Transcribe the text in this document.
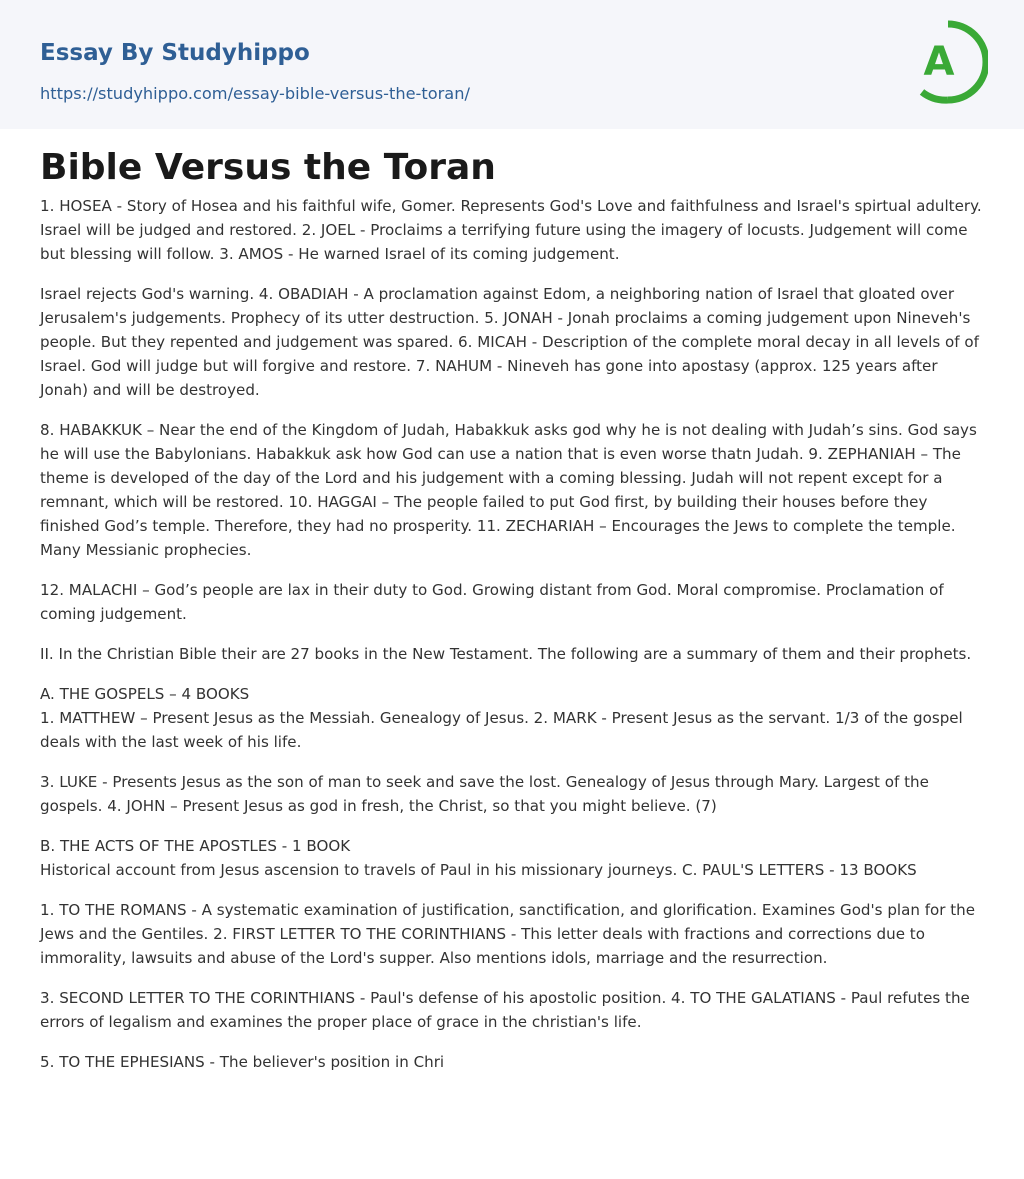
Essay By Studyhippo
https://studyhippo.com/essay-bible-versus-the-toran/
A
Bible Versus the Toran

1. HOSEA - Story of Hosea and his faithful wife, Gomer. Represents God's Love and faithfulness and Israel's spirtual adultery. Israel will be judged and restored. 2. JOEL - Proclaims a terrifying future using the imagery of locusts. Judgement will come but blessing will follow. 3. AMOS - He warned Israel of its coming judgement.

Israel rejects God's warning. 4. OBADIAH - A proclamation against Edom, a neighboring nation of Israel that gloated over Jerusalem's judgements. Prophecy of its utter destruction. 5. JONAH - Jonah proclaims a coming judgement upon Nineveh's people. But they repented and judgement was spared. 6. MICAH - Description of the complete moral decay in all levels of of Israel. God will judge but will forgive and restore. 7. NAHUM - Nineveh has gone into apostasy (approx. 125 years after Jonah) and will be destroyed.

8. HABAKKUK – Near the end of the Kingdom of Judah, Habakkuk asks god why he is not dealing with Judah’s sins. God says he will use the Babylonians. Habakkuk ask how God can use a nation that is even worse thatn Judah. 9. ZEPHANIAH – The theme is developed of the day of the Lord and his judgement with a coming blessing. Judah will not repent except for a remnant, which will be restored. 10. HAGGAI – The people failed to put God first, by building their houses before they finished God’s temple. Therefore, they had no prosperity. 11. ZECHARIAH – Encourages the Jews to complete the temple. Many Messianic prophecies.

12. MALACHI – God’s people are lax in their duty to God. Growing distant from God. Moral compromise. Proclamation of coming judgement.

II. In the Christian Bible their are 27 books in the New Testament. The following are a summary of them and their prophets.

A. THE GOSPELS – 4 BOOKS
1. MATTHEW – Present Jesus as the Messiah. Genealogy of Jesus. 2. MARK - Present Jesus as the servant. 1/3 of the gospel deals with the last week of his life.

3. LUKE - Presents Jesus as the son of man to seek and save the lost. Genealogy of Jesus through Mary. Largest of the gospels. 4. JOHN – Present Jesus as god in fresh, the Christ, so that you might believe. (7)

B. THE ACTS OF THE APOSTLES - 1 BOOK
Historical account from Jesus ascension to travels of Paul in his missionary journeys. C. PAUL'S LETTERS - 13 BOOKS

1. TO THE ROMANS - A systematic examination of justification, sanctification, and glorification. Examines God's plan for the Jews and the Gentiles. 2. FIRST LETTER TO THE CORINTHIANS - This letter deals with fractions and corrections due to immorality, lawsuits and abuse of the Lord's supper. Also mentions idols, marriage and the resurrection.

3. SECOND LETTER TO THE CORINTHIANS - Paul's defense of his apostolic position. 4. TO THE GALATIANS - Paul refutes the errors of legalism and examines the proper place of grace in the christian's life.

5. TO THE EPHESIANS - The believer's position in Chri
